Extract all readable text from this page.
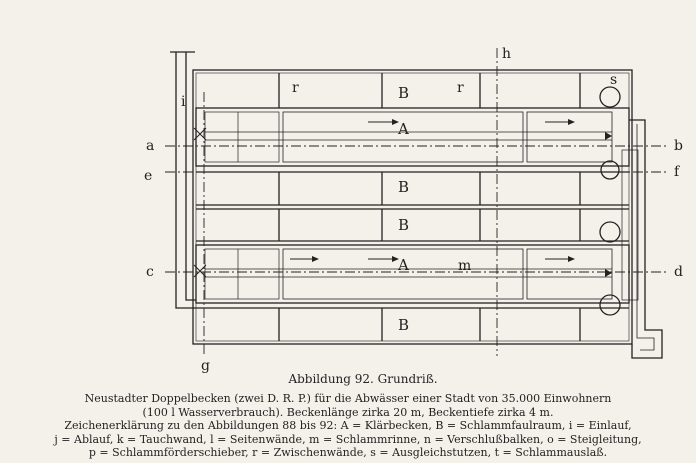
B
B
B
B
A
A
r	r	s
h
i
m
a
e
c
b
f
d
g
Abbildung 92. Grundriß.
Neustadter Doppelbecken (zwei D. R. P.) für die Abwässer einer Stadt von 35.000 Einwohnern
(100 l Wasserverbrauch). Beckenlänge zirka 20 m, Beckentiefe zirka 4 m.
Zeichenerklärung zu den Abbildungen 88 bis 92: A = Klärbecken, B = Schlammfaulraum, i = Einlauf,
j = Ablauf, k = Tauchwand, l = Seitenwände, m = Schlammrinne, n = Verschlußbalken, o = Steigleitung,
p = Schlammförderschieber, r = Zwischenwände, s = Ausgleichstutzen, t = Schlammauslaß.
